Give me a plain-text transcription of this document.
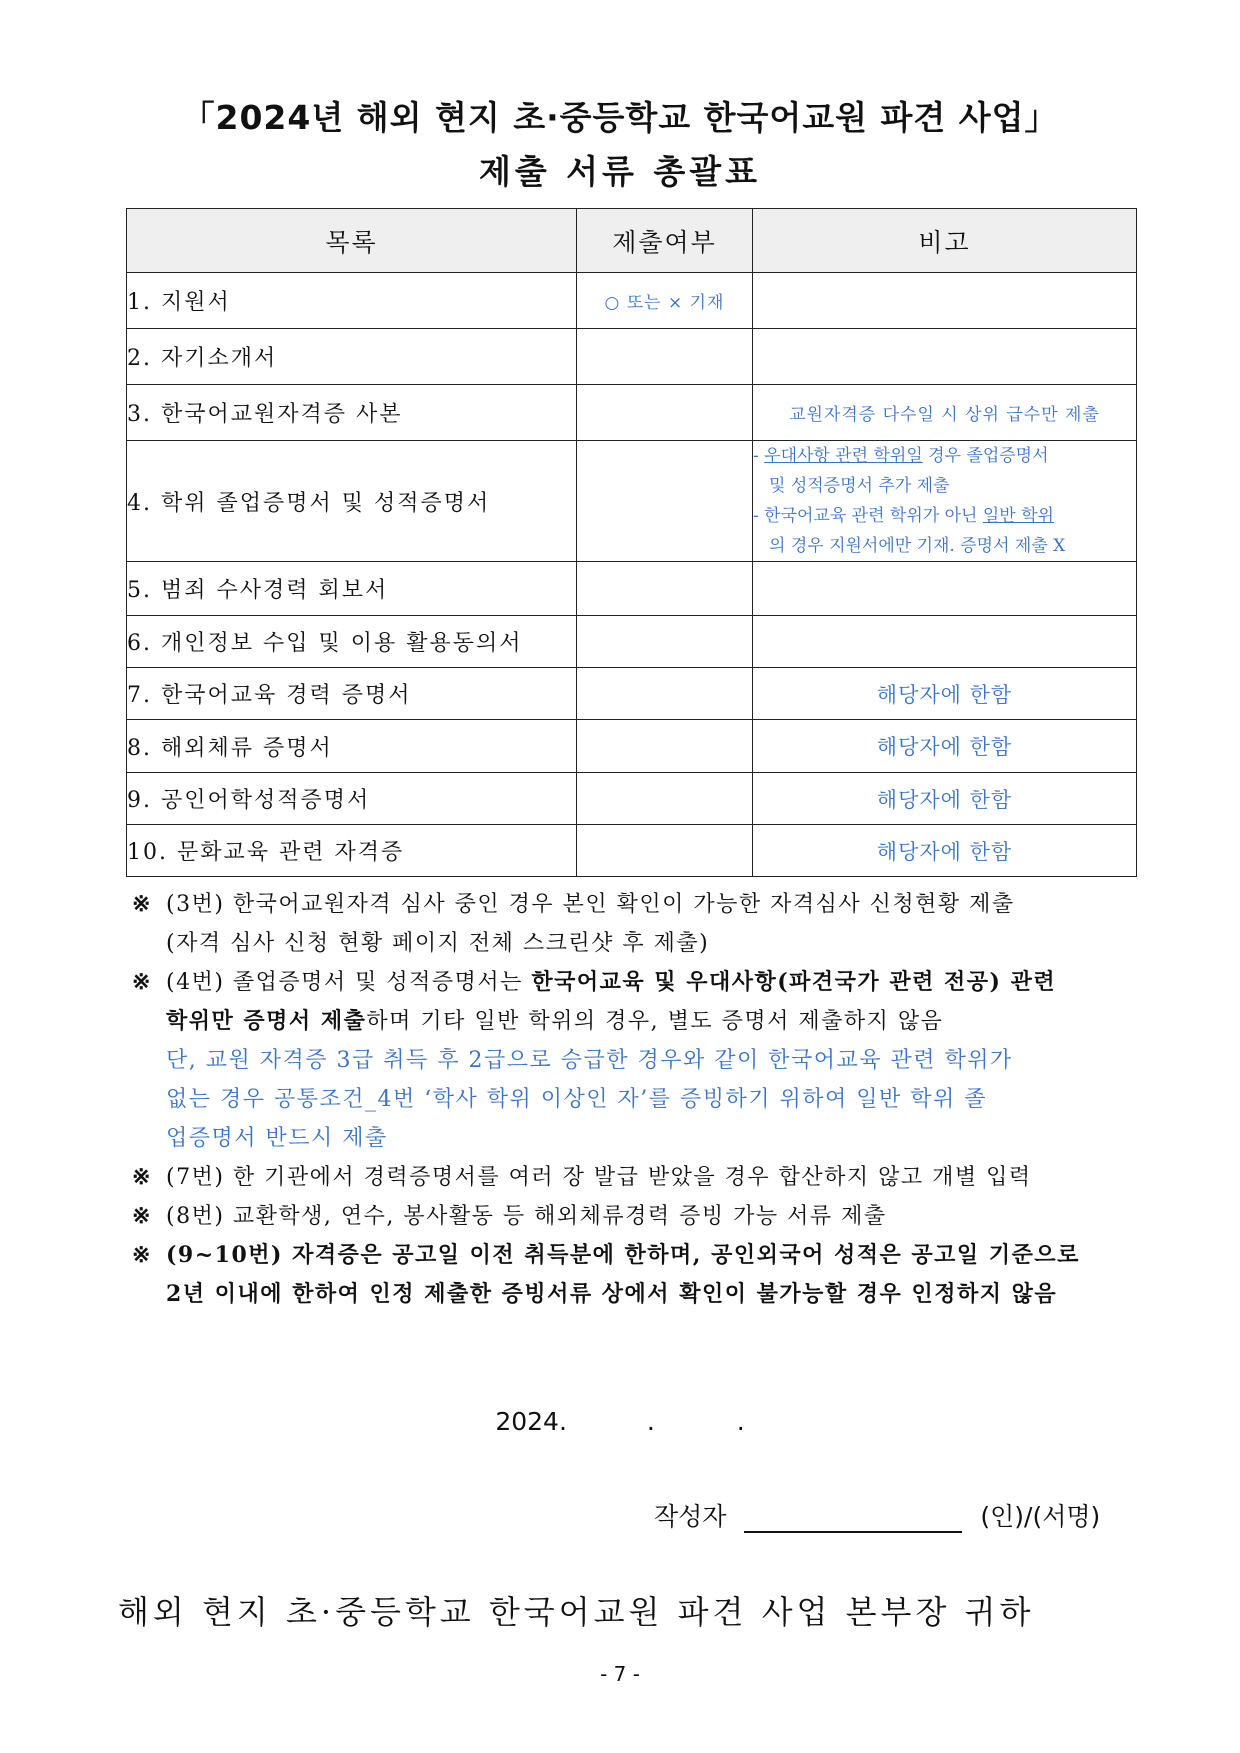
「2024년 해외 현지 초·중등학교 한국어교원 파견 사업」
제출 서류 총괄표
목록	제출여부	비고
1. 지원서	○ 또는 × 기재	
2. 자기소개서		
3. 한국어교원자격증 사본		교원자격증 다수일 시 상위 급수만 제출
4. 학위 졸업증명서 및 성적증명서		- 우대사항 관련 학위일 경우 졸업증명서
및 성적증명서 추가 제출
- 한국어교육 관련 학위가 아닌 일반 학위
의 경우 지원서에만 기재. 증명서 제출 X

5. 범죄 수사경력 회보서		
6. 개인정보 수입 및 이용 활용동의서		
7. 한국어교육 경력 증명서		해당자에 한함
8. 해외체류 증명서		해당자에 한함
9. 공인어학성적증명서		해당자에 한함
10. 문화교육 관련 자격증		해당자에 한함
※ (3번) 한국어교원자격 심사 중인 경우 본인 확인이 가능한 자격심사 신청현황 제출
(자격 심사 신청 현황 페이지 전체 스크린샷 후 제출)
※ (4번) 졸업증명서 및 성적증명서는 한국어교육 및 우대사항(파견국가 관련 전공) 관련
학위만 증명서 제출하며 기타 일반 학위의 경우, 별도 증명서 제출하지 않음
단, 교원 자격증 3급 취득 후 2급으로 승급한 경우와 같이 한국어교육 관련 학위가
없는 경우 공통조건_4번 ‘학사 학위 이상인 자’를 증빙하기 위하여 일반 학위 졸
업증명서 반드시 제출
※ (7번) 한 기관에서 경력증명서를 여러 장 발급 받았을 경우 합산하지 않고 개별 입력
※ (8번) 교환학생, 연수, 봉사활동 등 해외체류경력 증빙 가능 서류 제출
※ (9~10번) 자격증은 공고일 이전 취득분에 한하며, 공인외국어 성적은 공고일 기준으로
2년 이내에 한하여 인정 제출한 증빙서류 상에서 확인이 불가능할 경우 인정하지 않음
2024.	.	.
작성자	(인)/(서명)
해외 현지 초·중등학교 한국어교원 파견 사업 본부장 귀하
- 7 -
